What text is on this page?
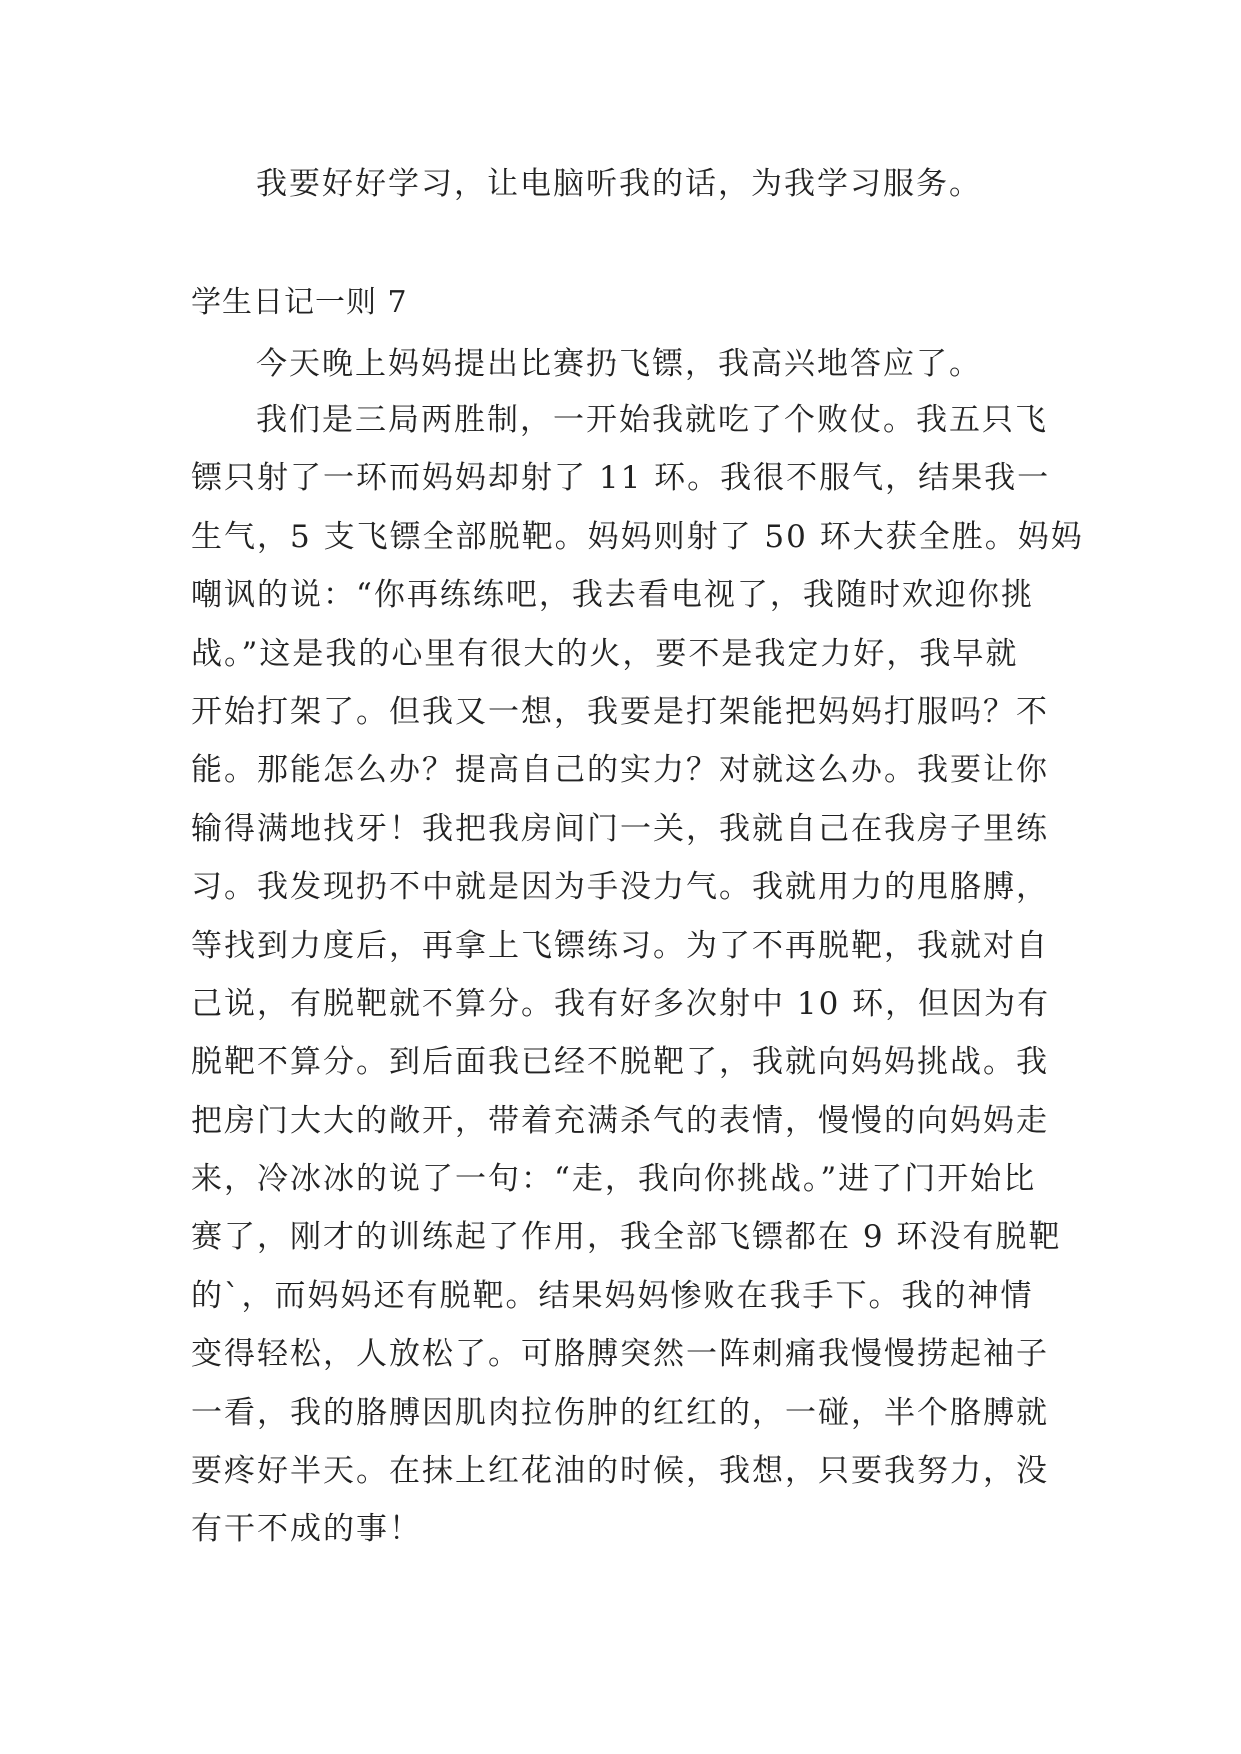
我要好好学习，让电脑听我的话，为我学习服务。
学生日记一则 7
今天晚上妈妈提出比赛扔飞镖，我高兴地答应了。
我们是三局两胜制，一开始我就吃了个败仗。我五只飞
镖只射了一环而妈妈却射了 11 环。我很不服气，结果我一
生气，5 支飞镖全部脱靶。妈妈则射了 50 环大获全胜。妈妈
嘲讽的说：“你再练练吧，我去看电视了，我随时欢迎你挑
战。”这是我的心里有很大的火，要不是我定力好，我早就
开始打架了。但我又一想，我要是打架能把妈妈打服吗？不
能。那能怎么办？提高自己的实力？对就这么办。我要让你
输得满地找牙！我把我房间门一关，我就自己在我房子里练
习。我发现扔不中就是因为手没力气。我就用力的甩胳膊，
等找到力度后，再拿上飞镖练习。为了不再脱靶，我就对自
己说，有脱靶就不算分。我有好多次射中 10 环，但因为有
脱靶不算分。到后面我已经不脱靶了，我就向妈妈挑战。我
把房门大大的敞开，带着充满杀气的表情，慢慢的向妈妈走
来，冷冰冰的说了一句：“走，我向你挑战。”进了门开始比
赛了，刚才的训练起了作用，我全部飞镖都在 9 环没有脱靶
的`，而妈妈还有脱靶。结果妈妈惨败在我手下。我的神情
变得轻松，人放松了。可胳膊突然一阵刺痛我慢慢捞起袖子
一看，我的胳膊因肌肉拉伤肿的红红的，一碰，半个胳膊就
要疼好半天。在抹上红花油的时候，我想，只要我努力，没
有干不成的事！
